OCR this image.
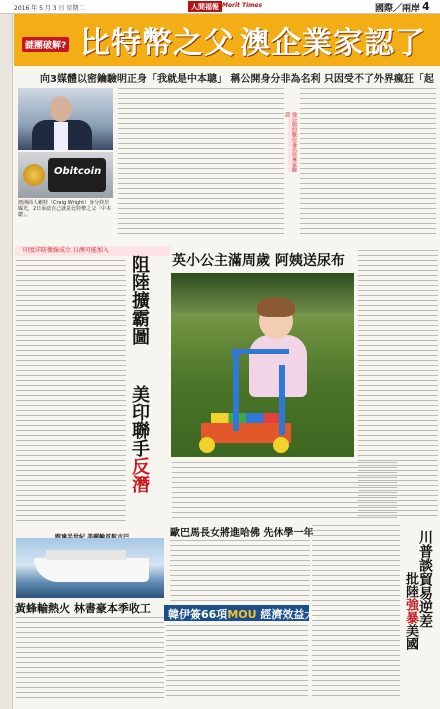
2016 年 5 月 3 日 星期二	人間福報 Merit Times	國際／兩岸 4
謎團破解? 比特幣之父 澳企業家認了
向3媒體以密鑰驗明正身「我就是中本聰」 稱公開身分非為名利 只因受不了外界瘋狂「起
Obitcoin
澳洲商人賴特（Craig Wright）身分終於曝光，2日承認自己就是比特幣之父「中本聰」。
他公開的數位簽名經專家驗證
印度洋防衛線成立 日澳可能加入
阻陸擴霸圖
美印聯手反潛
英小公主滿周歲 阿姨送尿布
黃蜂輸熱火 林書豪本季收工
歐巴馬長女將進哈佛 先休學一年
韓伊簽66項MOU 經濟效益大	川普談貿易逆差
批陸強暴美國
